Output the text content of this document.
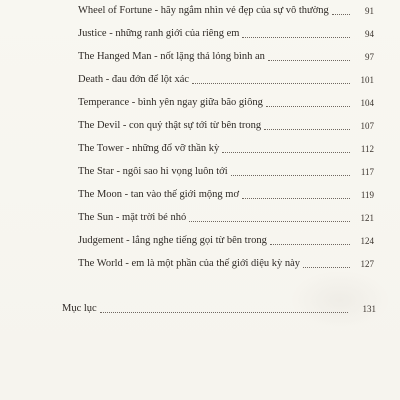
Wheel of Fortune - hãy ngắm nhìn vẻ đẹp của sự vô thường	91
Justice - những ranh giới của riêng em	94
The Hanged Man - nốt lặng thả lỏng bình an	97
Death - đau đớn để lột xác	101
Temperance - bình yên ngay giữa bão giông	104
The Devil - con quỷ thật sự tới từ bên trong	107
The Tower - những đổ vỡ thần kỳ	112
The Star - ngôi sao hi vọng luôn tới	117
The Moon - tan vào thế giới mộng mơ	119
The Sun - mặt trời bé nhỏ	121
Judgement - lắng nghe tiếng gọi từ bên trong	124
The World - em là một phần của thế giới diệu kỳ này	127
Mục lục	131
